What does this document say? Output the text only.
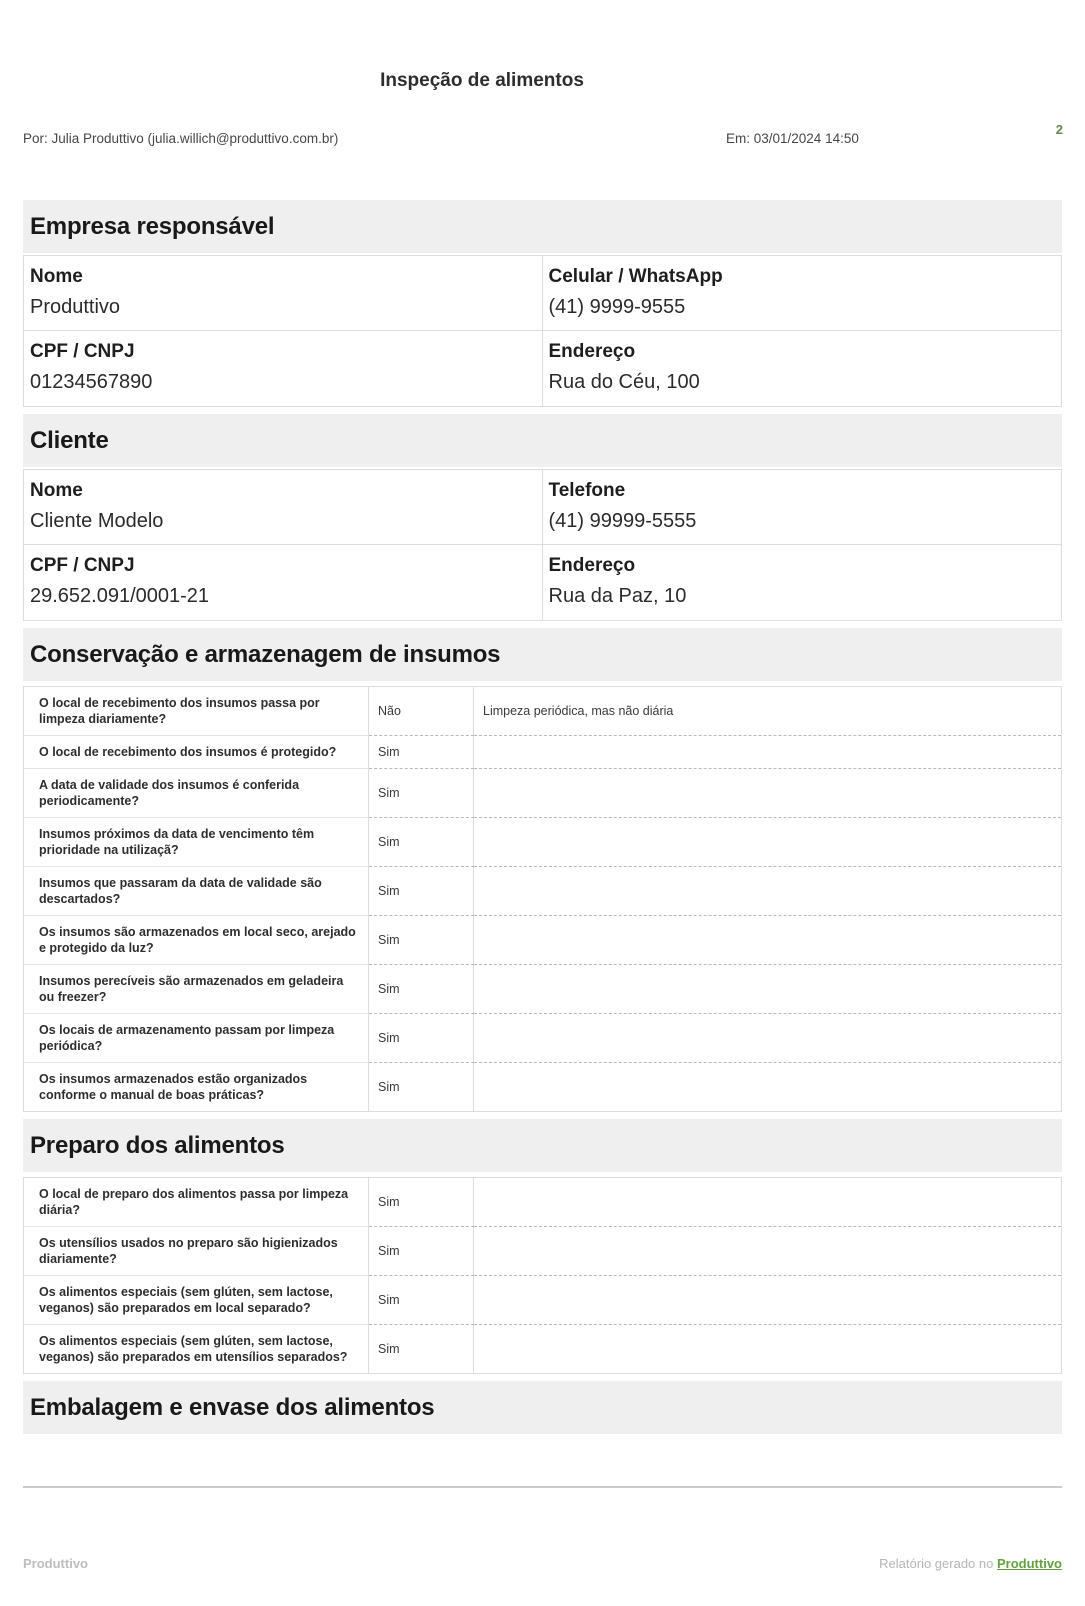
2
Inspeção de alimentos
Por: Julia Produttivo (julia.willich@produttivo.com.br)	Em: 03/01/2024 14:50
Empresa responsável
Nome
Produttivo
Celular / WhatsApp
(41) 9999-9555
CPF / CNPJ
01234567890
Endereço
Rua do Céu, 100
Cliente
Nome
Cliente Modelo
Telefone
(41) 99999-5555
CPF / CNPJ
29.652.091/0001-21
Endereço
Rua da Paz, 10
Conservação e armazenagem de insumos
O local de recebimento dos insumos passa por limpeza diariamente?
Não	Limpeza periódica, mas não diária
O local de recebimento dos insumos é protegido?	Sim
A data de validade dos insumos é conferida periodicamente?
Sim
Insumos próximos da data de vencimento têm prioridade na utilizaçã?
Sim
Insumos que passaram da data de validade são descartados?
Sim
Os insumos são armazenados em local seco, arejado e protegido da luz?
Sim
Insumos perecíveis são armazenados em geladeira ou freezer?
Sim
Os locais de armazenamento passam por limpeza periódica?
Sim
Os insumos armazenados estão organizados conforme o manual de boas práticas?
Sim
Preparo dos alimentos
O local de preparo dos alimentos passa por limpeza diária?
Sim
Os utensílios usados no preparo são higienizados diariamente?
Sim
Os alimentos especiais (sem glúten, sem lactose, veganos) são preparados em local separado?
Sim
Os alimentos especiais (sem glúten, sem lactose, veganos) são preparados em utensílios separados?
Sim
Embalagem e envase dos alimentos
Produttivo	Relatório gerado no Produttivo
